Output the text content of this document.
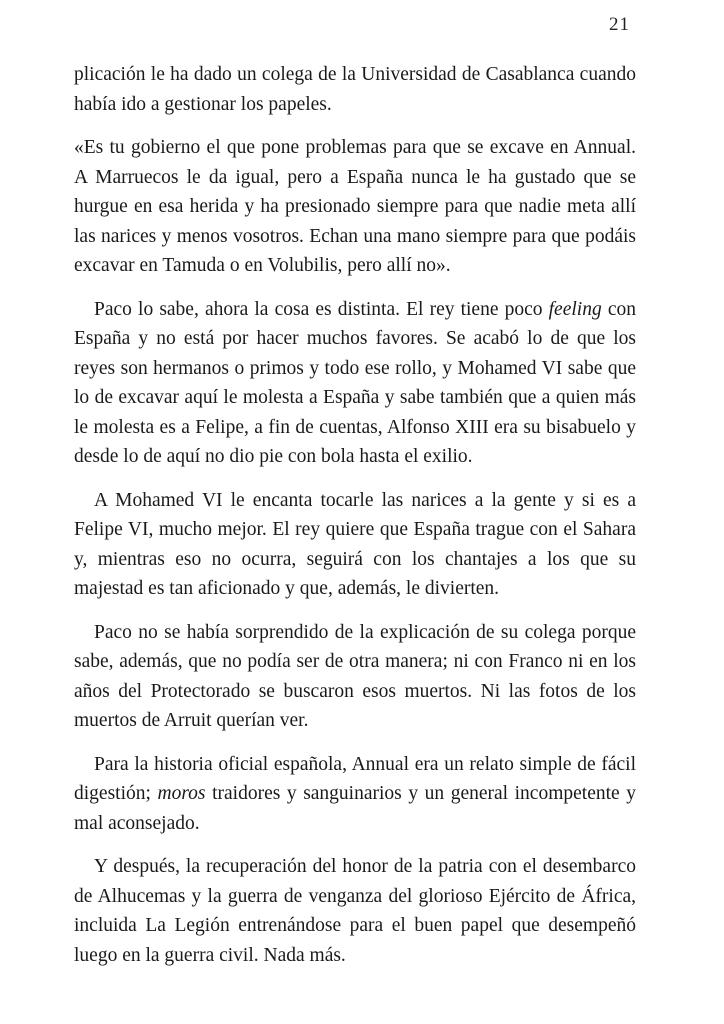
21

plicación le ha dado un colega de la Universidad de Casablanca cuando había ido a gestionar los papeles.

«Es tu gobierno el que pone problemas para que se excave en Annual. A Marruecos le da igual, pero a España nunca le ha gustado que se hurgue en esa herida y ha presionado siempre para que nadie meta allí las narices y menos vosotros. Echan una mano siempre para que podáis excavar en Tamuda o en Volubilis, pero allí no».

Paco lo sabe, ahora la cosa es distinta. El rey tiene poco feeling con España y no está por hacer muchos favores. Se acabó lo de que los reyes son hermanos o primos y todo ese rollo, y Mohamed VI sabe que lo de excavar aquí le molesta a España y sabe también que a quien más le molesta es a Felipe, a fin de cuentas, Alfonso XIII era su bisabuelo y desde lo de aquí no dio pie con bola hasta el exilio.

A Mohamed VI le encanta tocarle las narices a la gente y si es a Felipe VI, mucho mejor. El rey quiere que España trague con el Sahara y, mientras eso no ocurra, seguirá con los chantajes a los que su majestad es tan aficionado y que, además, le divierten.

Paco no se había sorprendido de la explicación de su colega porque sabe, además, que no podía ser de otra manera; ni con Franco ni en los años del Protectorado se buscaron esos muertos. Ni las fotos de los muertos de Arruit querían ver.

Para la historia oficial española, Annual era un relato simple de fácil digestión; moros traidores y sanguinarios y un general incompetente y mal aconsejado.

Y después, la recuperación del honor de la patria con el desembarco de Alhucemas y la guerra de venganza del glorioso Ejército de África, incluida La Legión entrenándose para el buen papel que desempeñó luego en la guerra civil. Nada más.
